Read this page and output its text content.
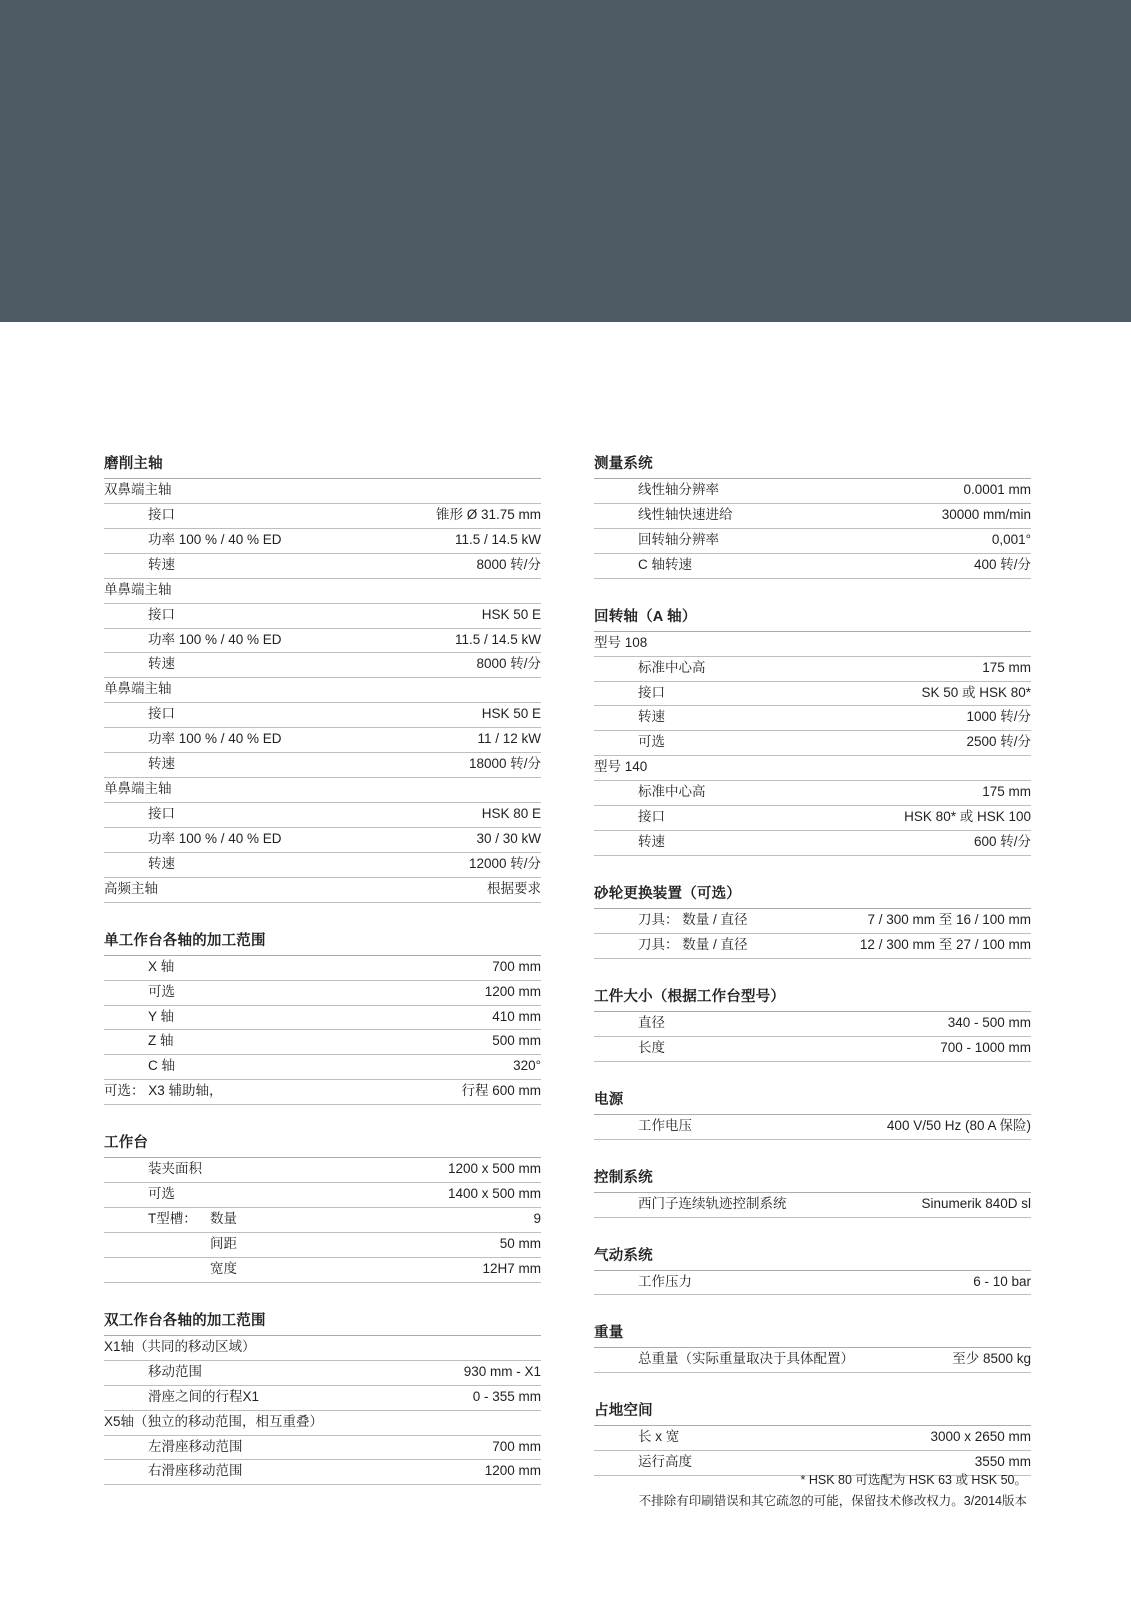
磨削主轴
双鼻端主轴
接口	锥形 Ø 31.75 mm
功率 100 % / 40 % ED	11.5 / 14.5 kW
转速	8000 转/分
单鼻端主轴
接口	HSK 50 E
功率 100 % / 40 % ED	11.5 / 14.5 kW
转速	8000 转/分
单鼻端主轴
接口	HSK 50 E
功率 100 % / 40 % ED	11 / 12 kW
转速	18000 转/分
单鼻端主轴
接口	HSK 80 E
功率 100 % / 40 % ED	30 / 30 kW
转速	12000 转/分
高频主轴	根据要求
单工作台各轴的加工范围
X 轴	700 mm
可选	1200 mm
Y 轴	410 mm
Z 轴	500 mm
C 轴	320°
可选： X3 辅助轴，	行程 600 mm
工作台
装夹面积	1200 x 500 mm
可选	1400 x 500 mm
T型槽： 数量	9
间距	50 mm
宽度	12H7 mm
双工作台各轴的加工范围
X1轴（共同的移动区域）
移动范围	930 mm - X1
滑座之间的行程X1	0 - 355 mm
X5轴（独立的移动范围，相互重叠）
左滑座移动范围	700 mm
右滑座移动范围	1200 mm
测量系统
线性轴分辨率	0.0001 mm
线性轴快速进给	30000 mm/min
回转轴分辨率	0,001°
C 轴转速	400 转/分
回转轴（A 轴）
型号 108
标准中心高	175 mm
接口	SK 50 或 HSK 80*
转速	1000 转/分
可选	2500 转/分
型号 140
标准中心高	175 mm
接口	HSK 80* 或 HSK 100
转速	600 转/分
砂轮更换装置（可选）
刀具： 数量 / 直径	7 / 300 mm 至 16 / 100 mm
刀具： 数量 / 直径	12 / 300 mm 至 27 / 100 mm
工件大小（根据工作台型号）
直径	340 - 500 mm
长度	700 - 1000 mm
电源
工作电压	400 V/50 Hz (80 A 保险)
控制系统
西门子连续轨迹控制系统	Sinumerik 840D sl
气动系统
工作压力	6 - 10 bar
重量
总重量（实际重量取决于具体配置）	至少 8500 kg
占地空间
长 x 宽	3000 x 2650 mm
运行高度	3550 mm
* HSK 80 可选配为 HSK 63 或 HSK 50。
不排除有印刷错误和其它疏忽的可能，保留技术修改权力。3/2014版本
